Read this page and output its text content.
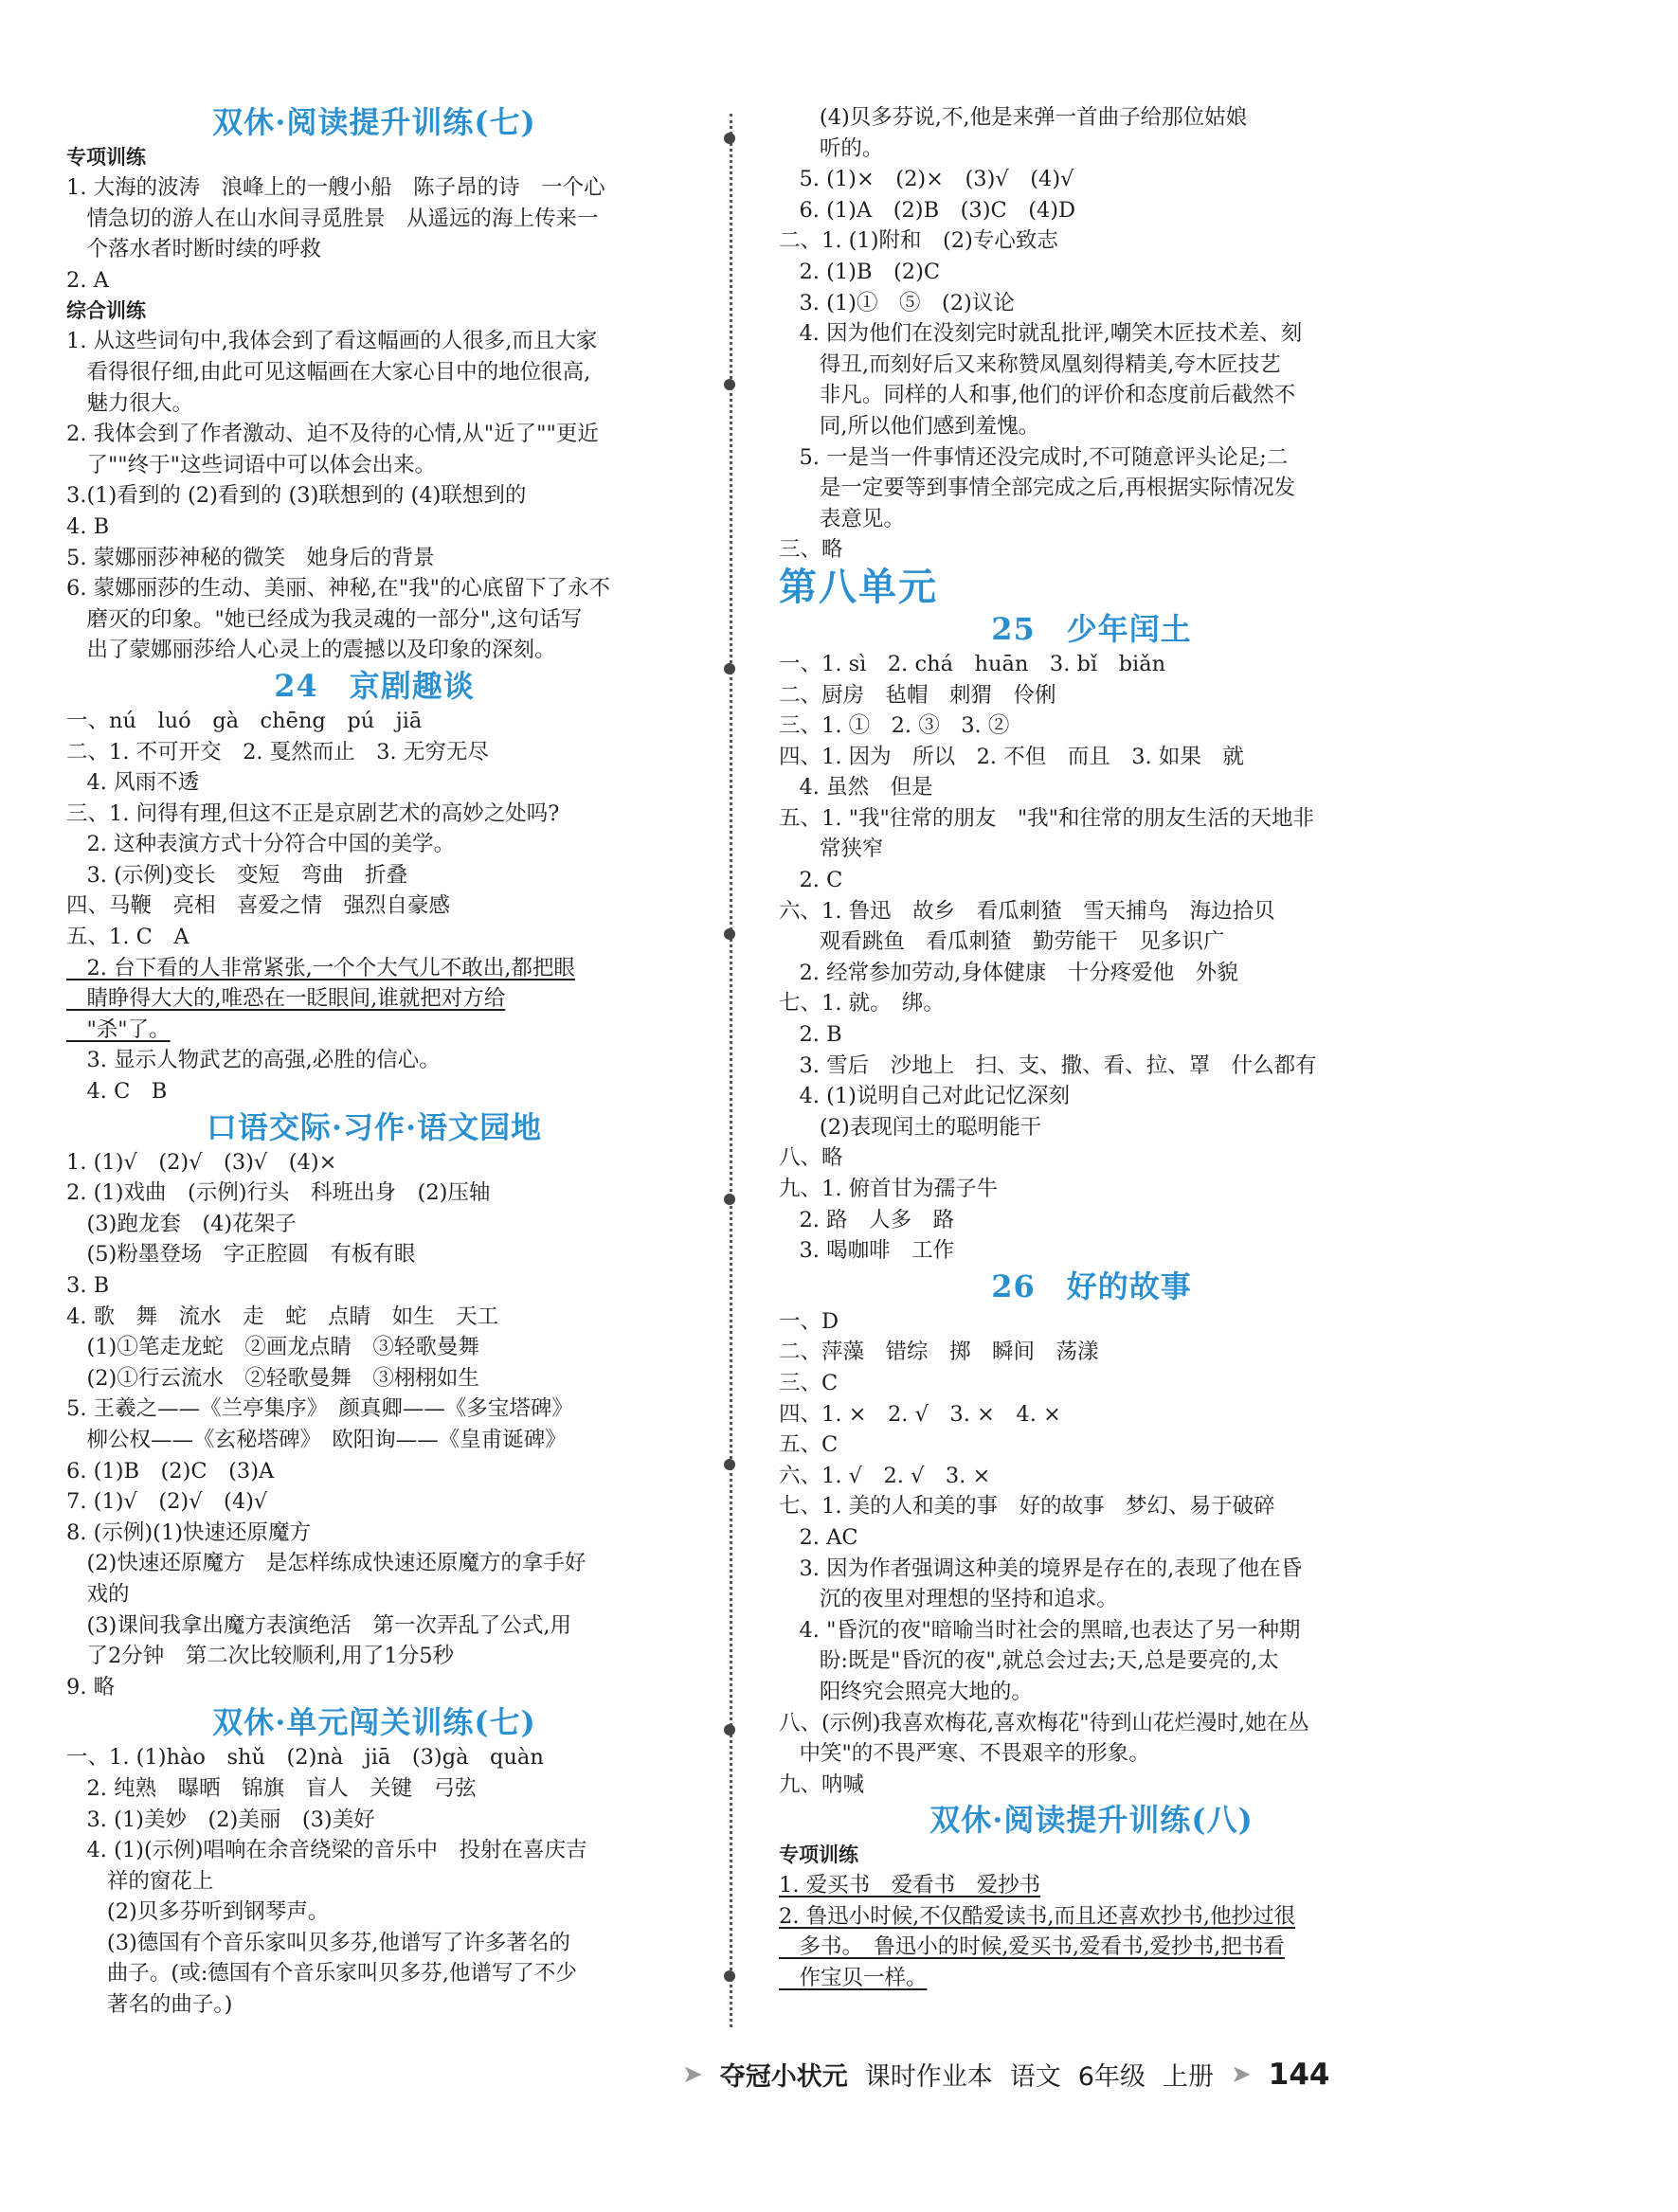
双休·阅读提升训练(七)
专项训练
1. 大海的波涛　浪峰上的一艘小船　陈子昂的诗　一个心
情急切的游人在山水间寻觅胜景　从遥远的海上传来一
个落水者时断时续的呼救
2. A
综合训练
1. 从这些词句中,我体会到了看这幅画的人很多,而且大家
看得很仔细,由此可见这幅画在大家心目中的地位很高,
魅力很大。
2. 我体会到了作者激动、迫不及待的心情,从"近了""更近
了""终于"这些词语中可以体会出来。
3.(1)看到的 (2)看到的 (3)联想到的 (4)联想到的
4. B
5. 蒙娜丽莎神秘的微笑　她身后的背景
6. 蒙娜丽莎的生动、美丽、神秘,在"我"的心底留下了永不
磨灭的印象。"她已经成为我灵魂的一部分",这句话写
出了蒙娜丽莎给人心灵上的震撼以及印象的深刻。
24　京剧趣谈
一、nú　luó　gà　chēng　pú　jiā
二、1. 不可开交　2. 戛然而止　3. 无穷无尽
4. 风雨不透
三、1. 问得有理,但这不正是京剧艺术的高妙之处吗?
2. 这种表演方式十分符合中国的美学。
3. (示例)变长　变短　弯曲　折叠
四、马鞭　亮相　喜爱之情　强烈自豪感
五、1. C　A
2. 台下看的人非常紧张,一个个大气儿不敢出,都把眼
睛睁得大大的,唯恐在一眨眼间,谁就把对方给
"杀"了。
3. 显示人物武艺的高强,必胜的信心。
4. C　B
口语交际·习作·语文园地
1. (1)√　(2)√　(3)√　(4)×
2. (1)戏曲　(示例)行头　科班出身　(2)压轴
(3)跑龙套　(4)花架子
(5)粉墨登场　字正腔圆　有板有眼
3. B
4. 歌　舞　流水　走　蛇　点睛　如生　天工
(1)①笔走龙蛇　②画龙点睛　③轻歌曼舞
(2)①行云流水　②轻歌曼舞　③栩栩如生
5. 王羲之——《兰亭集序》　颜真卿——《多宝塔碑》
柳公权——《玄秘塔碑》　欧阳询——《皇甫诞碑》
6. (1)B　(2)C　(3)A
7. (1)√　(2)√　(4)√
8. (示例)(1)快速还原魔方
(2)快速还原魔方　是怎样练成快速还原魔方的拿手好
戏的
(3)课间我拿出魔方表演绝活　第一次弄乱了公式,用
了2分钟　第二次比较顺利,用了1分5秒
9. 略
双休·单元闯关训练(七)
一、1. (1)hào　shǔ　(2)nà　jiā　(3)gà　quàn
2. 纯熟　曝晒　锦旗　盲人　关键　弓弦
3. (1)美妙　(2)美丽　(3)美好
4. (1)(示例)唱响在余音绕梁的音乐中　投射在喜庆吉
祥的窗花上
(2)贝多芬听到钢琴声。
(3)德国有个音乐家叫贝多芬,他谱写了许多著名的
曲子。(或:德国有个音乐家叫贝多芬,他谱写了不少
著名的曲子。)
(4)贝多芬说,不,他是来弹一首曲子给那位姑娘
听的。
5. (1)×　(2)×　(3)√　(4)√
6. (1)A　(2)B　(3)C　(4)D
二、1. (1)附和　(2)专心致志
2. (1)B　(2)C
3. (1)①　⑤　(2)议论
4. 因为他们在没刻完时就乱批评,嘲笑木匠技术差、刻
得丑,而刻好后又来称赞凤凰刻得精美,夸木匠技艺
非凡。同样的人和事,他们的评价和态度前后截然不
同,所以他们感到羞愧。
5. 一是当一件事情还没完成时,不可随意评头论足;二
是一定要等到事情全部完成之后,再根据实际情况发
表意见。
三、略
第八单元
25　少年闰土
一、1. sì　2. chá　huān　3. bǐ　biǎn
二、厨房　毡帽　刺猬　伶俐
三、1. ①　2. ③　3. ②
四、1. 因为　所以　2. 不但　而且　3. 如果　就
4. 虽然　但是
五、1. "我"往常的朋友　"我"和往常的朋友生活的天地非
常狭窄
2. C
六、1. 鲁迅　故乡　看瓜刺猹　雪天捕鸟　海边拾贝
观看跳鱼　看瓜刺猹　勤劳能干　见多识广
2. 经常参加劳动,身体健康　十分疼爱他　外貌
七、1. 就。　绑。
2. B
3. 雪后　沙地上　扫、支、撒、看、拉、罩　什么都有
4. (1)说明自己对此记忆深刻
(2)表现闰土的聪明能干
八、略
九、1. 俯首甘为孺子牛
2. 路　人多　路
3. 喝咖啡　工作
26　好的故事
一、D
二、萍藻　错综　掷　瞬间　荡漾
三、C
四、1. ×　2. √　3. ×　4. ×
五、C
六、1. √　2. √　3. ×
七、1. 美的人和美的事　好的故事　梦幻、易于破碎
2. AC
3. 因为作者强调这种美的境界是存在的,表现了他在昏
沉的夜里对理想的坚持和追求。
4. "昏沉的夜"暗喻当时社会的黑暗,也表达了另一种期
盼:既是"昏沉的夜",就总会过去;天,总是要亮的,太
阳终究会照亮大地的。
八、(示例)我喜欢梅花,喜欢梅花"待到山花烂漫时,她在丛
中笑"的不畏严寒、不畏艰辛的形象。
九、呐喊
双休·阅读提升训练(八)
专项训练
1. 爱买书　爱看书　爱抄书
2. 鲁迅小时候,不仅酷爱读书,而且还喜欢抄书,他抄过很
多书。　鲁迅小的时候,爱买书,爱看书,爱抄书,把书看
作宝贝一样。
➤ 夺冠小状元 课时作业本 语文 6年级 上册 ➤ 144
